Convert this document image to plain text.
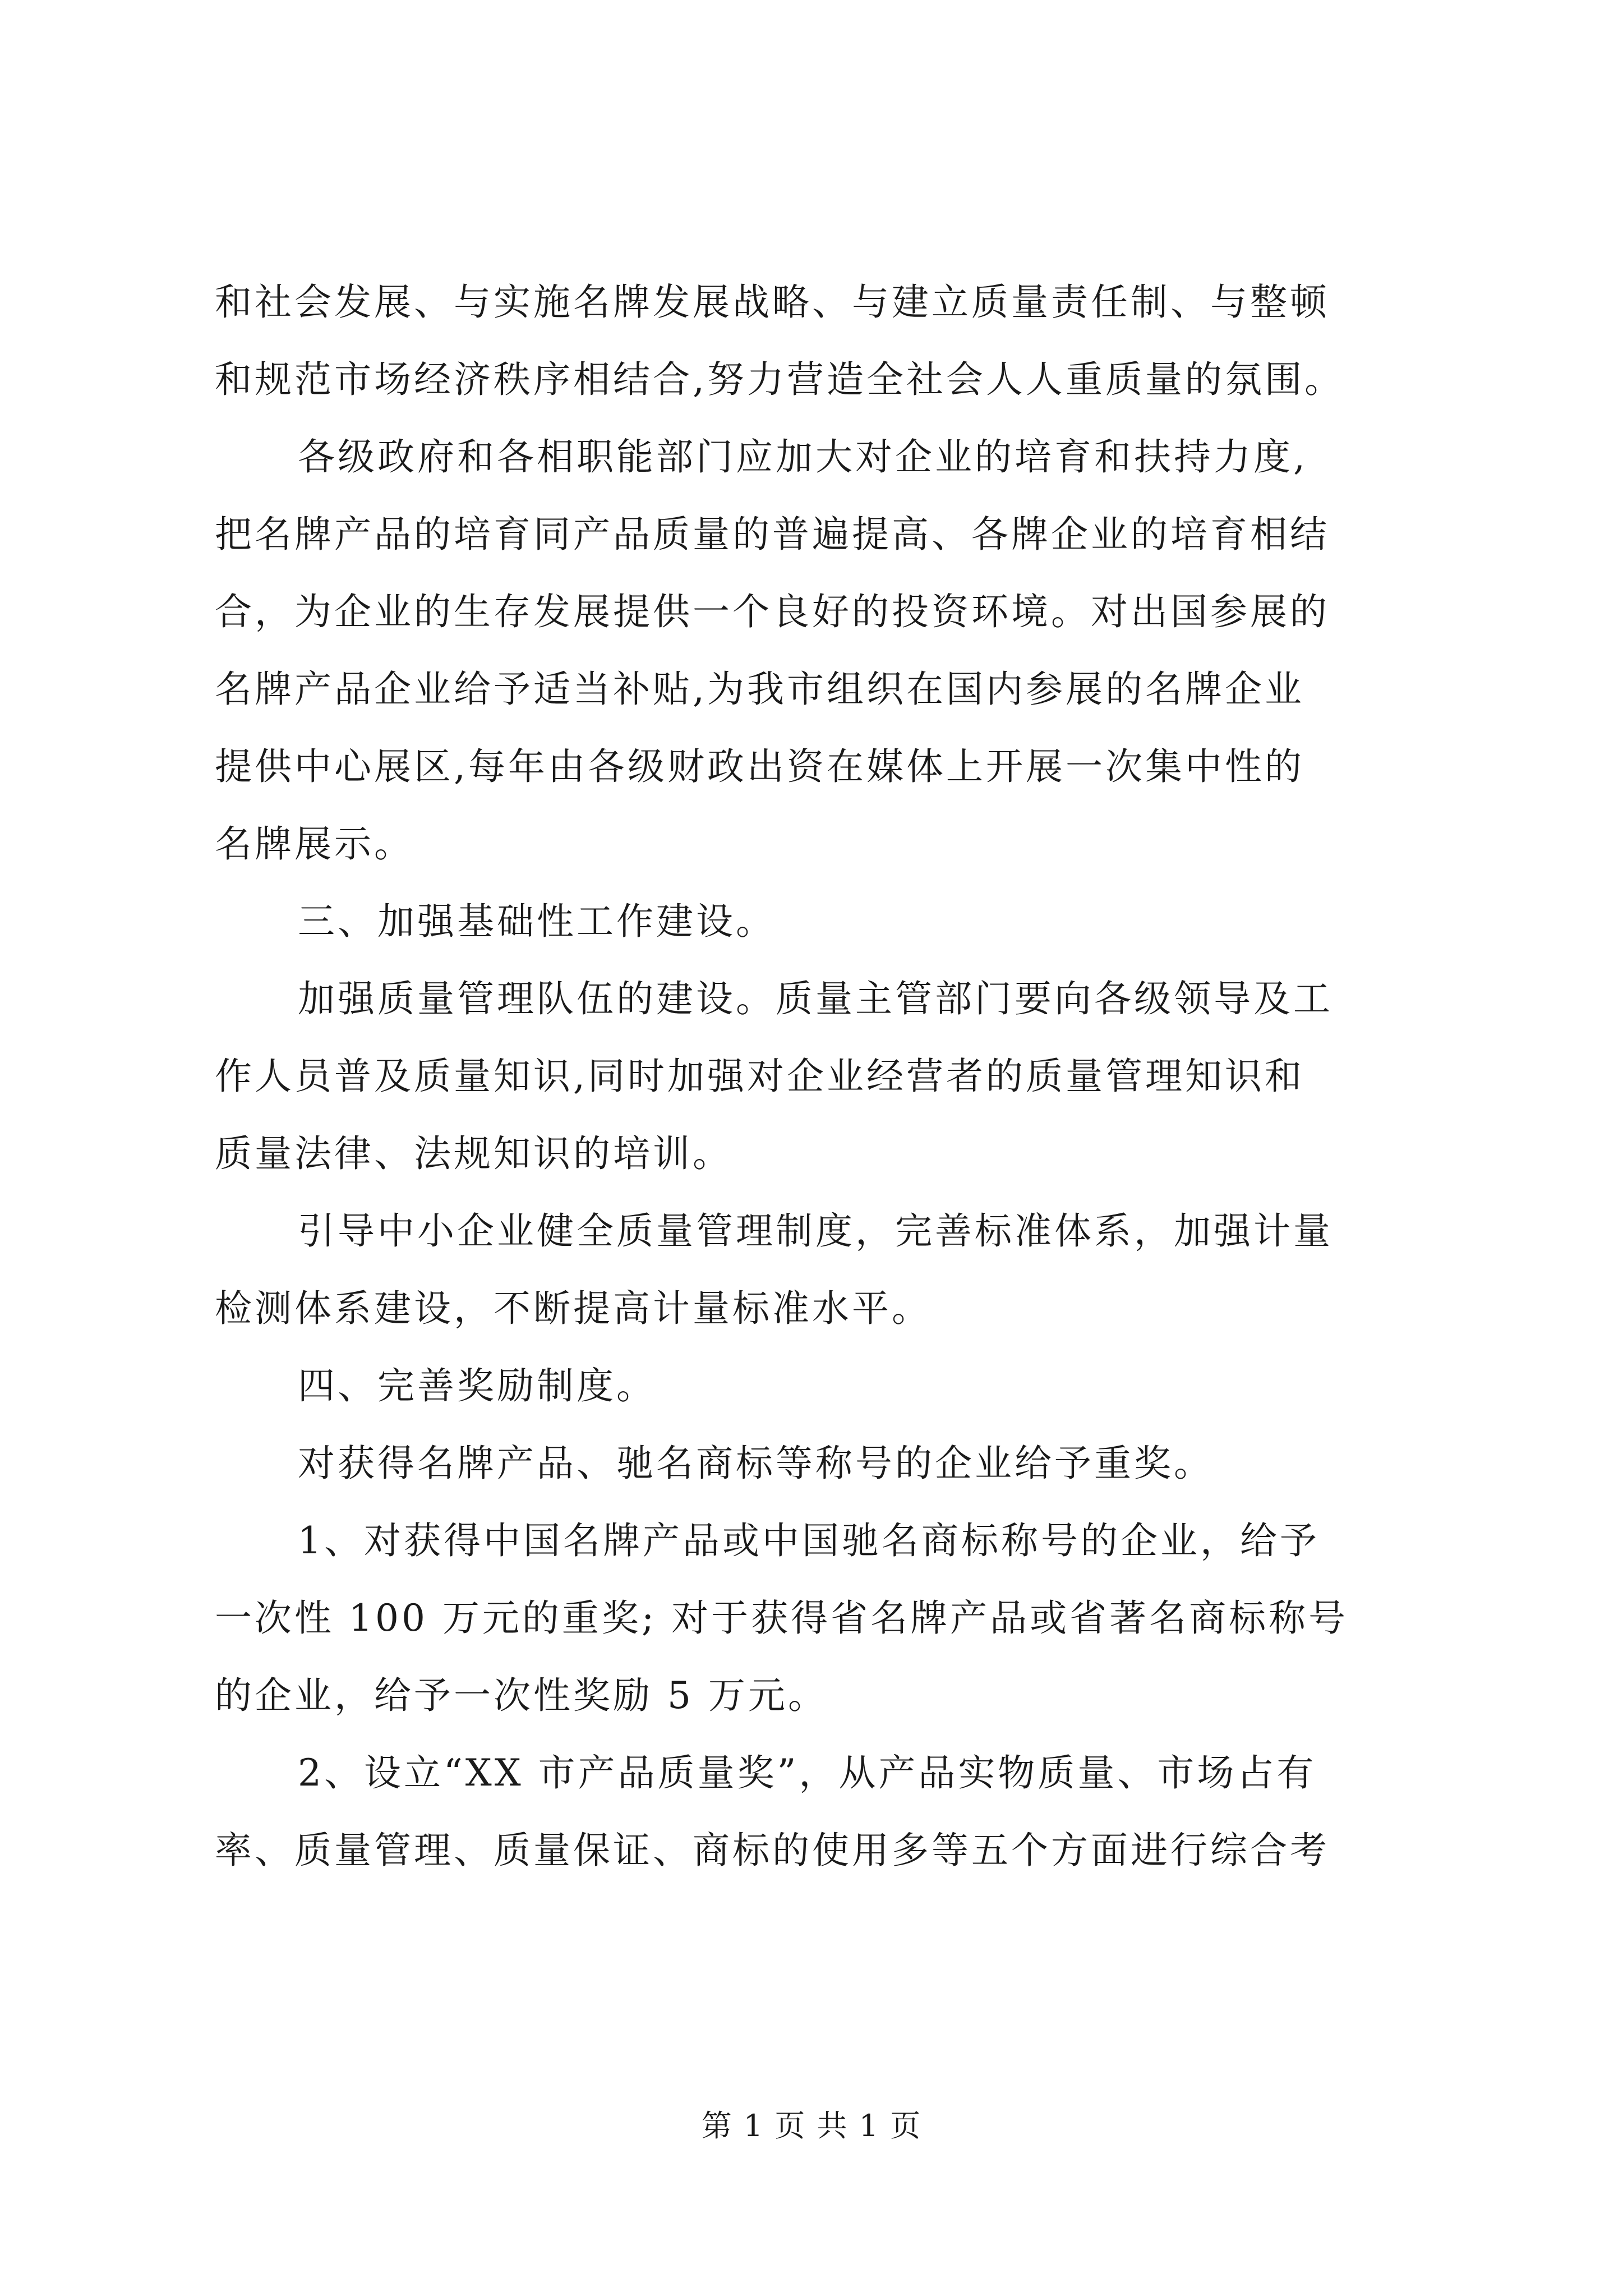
和社会发展、与实施名牌发展战略、与建立质量责任制、与整顿
和规范市场经济秩序相结合,努力营造全社会人人重质量的氛围。
各级政府和各相职能部门应加大对企业的培育和扶持力度,
把名牌产品的培育同产品质量的普遍提高、各牌企业的培育相结
合，为企业的生存发展提供一个良好的投资环境。对出国参展的
名牌产品企业给予适当补贴,为我市组织在国内参展的名牌企业
提供中心展区,每年由各级财政出资在媒体上开展一次集中性的
名牌展示。
三、加强基础性工作建设。
加强质量管理队伍的建设。质量主管部门要向各级领导及工
作人员普及质量知识,同时加强对企业经营者的质量管理知识和
质量法律、法规知识的培训。
引导中小企业健全质量管理制度，完善标准体系，加强计量
检测体系建设，不断提高计量标准水平。
四、完善奖励制度。
对获得名牌产品、驰名商标等称号的企业给予重奖。
1、对获得中国名牌产品或中国驰名商标称号的企业，给予
一次性 100 万元的重奖; 对于获得省名牌产品或省著名商标称号
的企业，给予一次性奖励 5 万元。
2、设立“XX 市产品质量奖”，从产品实物质量、市场占有
率、质量管理、质量保证、商标的使用多等五个方面进行综合考
第 1 页 共 1 页
